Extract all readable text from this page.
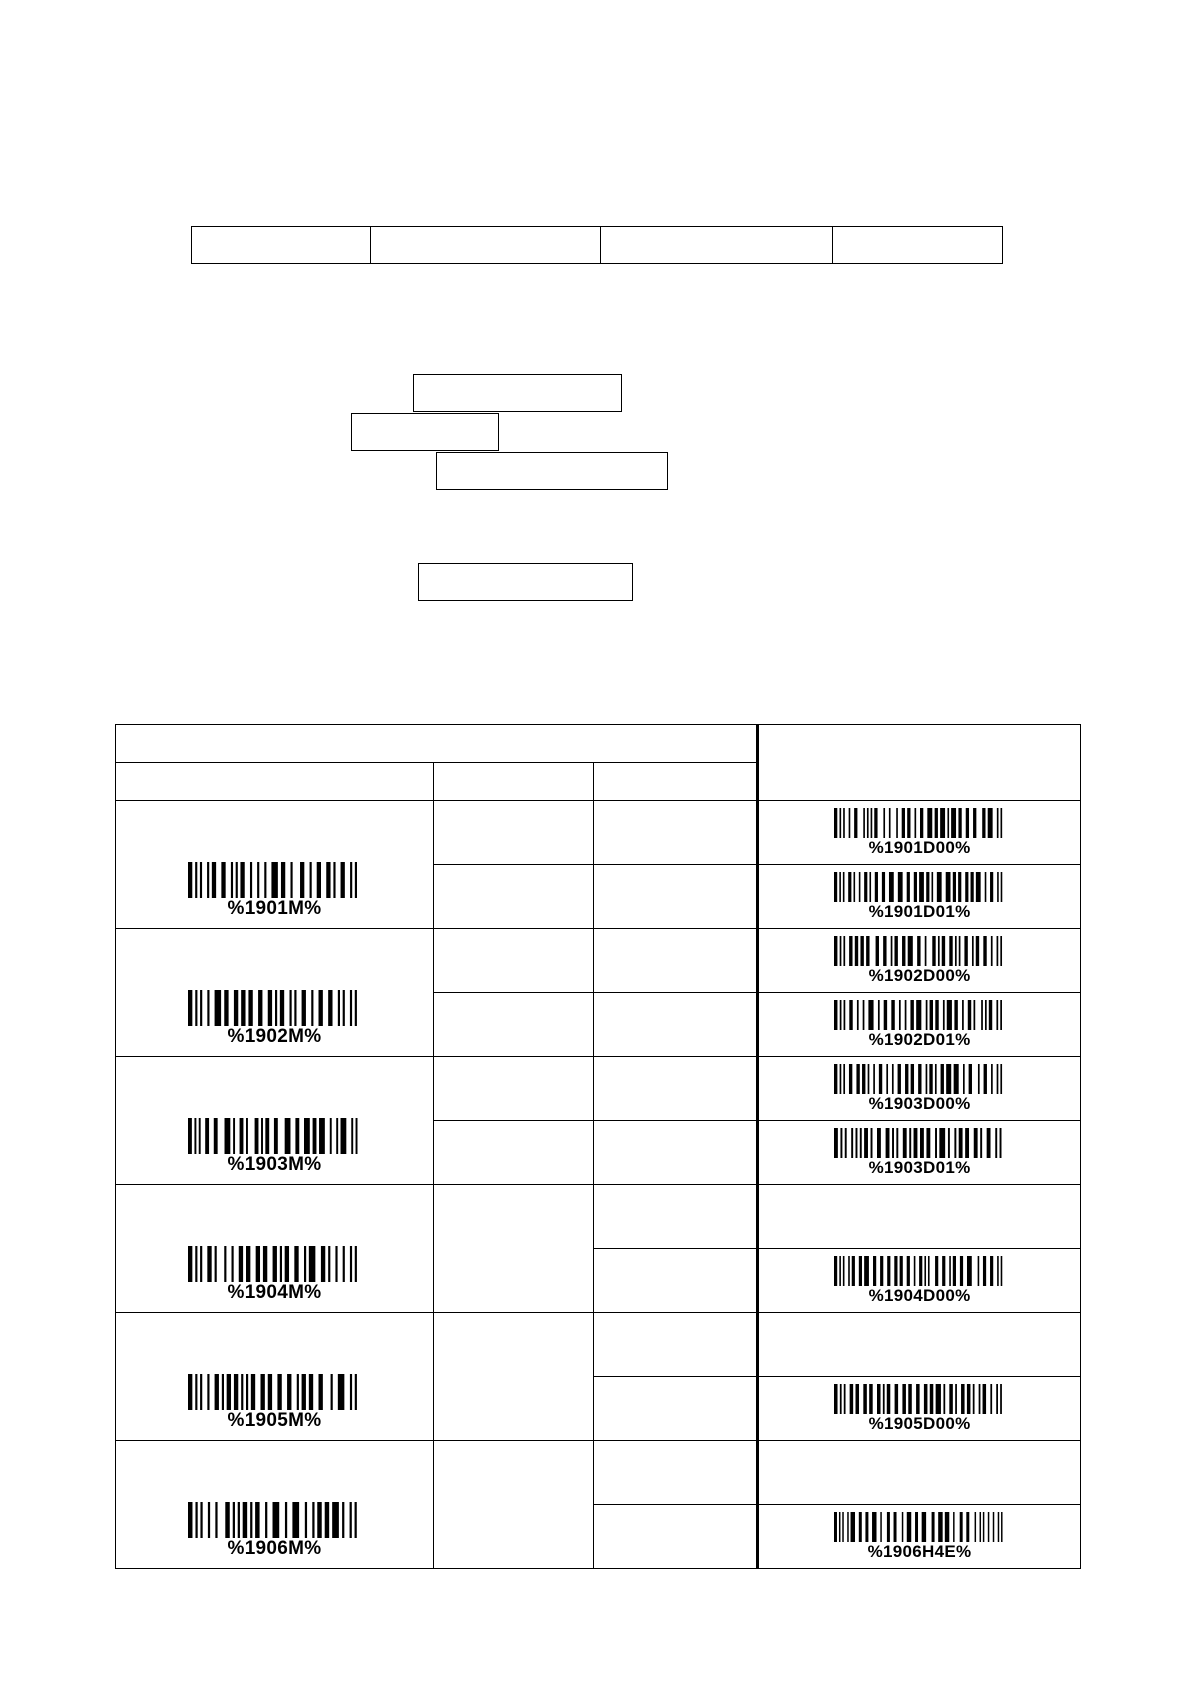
%1901M%			%1901D00%

			%1901D01%

%1902M%			%1902D00%

			%1902D01%

%1903M%			%1903D00%

			%1903D01%

%1904M%			

			%1904D00%

%1905M%			

			%1905D00%

%1906M%			

			%1906H4E%
